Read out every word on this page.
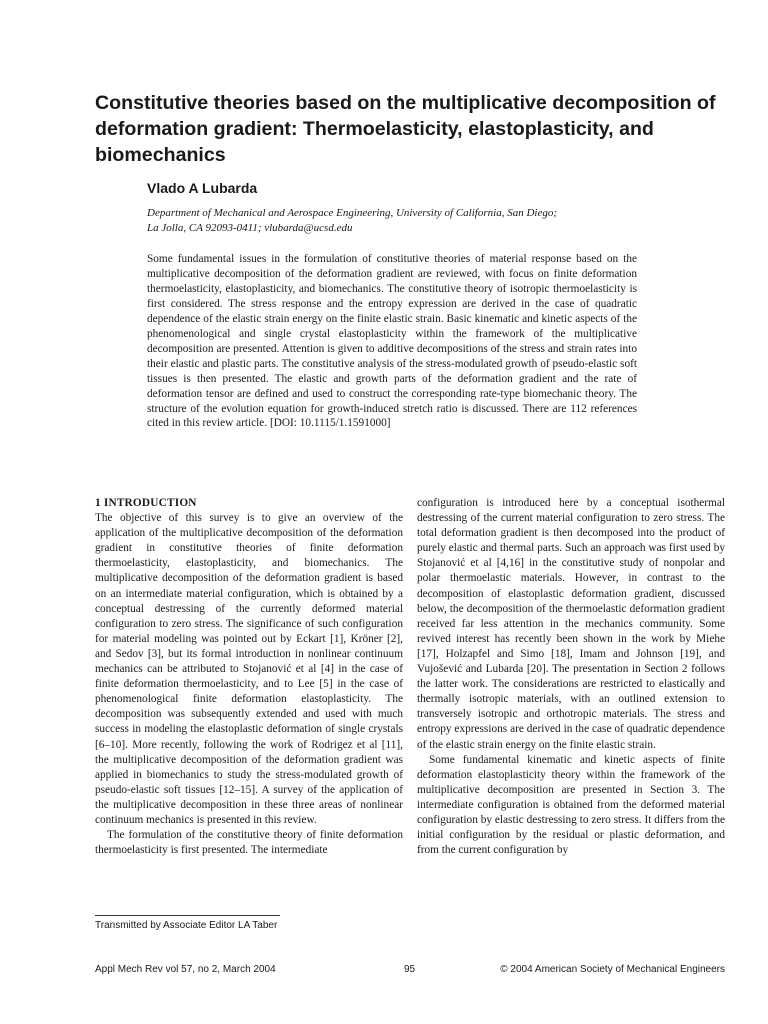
Constitutive theories based on the multiplicative decomposition of deformation gradient: Thermoelasticity, elastoplasticity, and biomechanics

Vlado A Lubarda

Department of Mechanical and Aerospace Engineering, University of California, San Diego;
La Jolla, CA 92093-0411; vlubarda@ucsd.edu

Some fundamental issues in the formulation of constitutive theories of material response based on the multiplicative decomposition of the deformation gradient are reviewed, with focus on finite deformation thermoelasticity, elastoplasticity, and biomechanics. The constitutive theory of isotropic thermoelasticity is first considered. The stress response and the entropy expression are derived in the case of quadratic dependence of the elastic strain energy on the finite elastic strain. Basic kinematic and kinetic aspects of the phenomenological and single crystal elastoplasticity within the framework of the multiplicative decomposition are presented. Attention is given to additive decompositions of the stress and strain rates into their elastic and plastic parts. The constitutive analysis of the stress-modulated growth of pseudo-elastic soft tissues is then presented. The elastic and growth parts of the deformation gradient and the rate of deformation tensor are defined and used to construct the corresponding rate-type biomechanic theory. The structure of the evolution equation for growth-induced stretch ratio is discussed. There are 112 references cited in this review article. [DOI: 10.1115/1.1591000]

1 INTRODUCTION

The objective of this survey is to give an overview of the application of the multiplicative decomposition of the deformation gradient in constitutive theories of finite deformation thermoelasticity, elastoplasticity, and biomechanics. The multiplicative decomposition of the deformation gradient is based on an intermediate material configuration, which is obtained by a conceptual destressing of the currently deformed material configuration to zero stress. The significance of such configuration for material modeling was pointed out by Eckart [1], Kröner [2], and Sedov [3], but its formal introduction in nonlinear continuum mechanics can be attributed to Stojanović et al [4] in the case of finite deformation thermoelasticity, and to Lee [5] in the case of phenomenological finite deformation elastoplasticity. The decomposition was subsequently extended and used with much success in modeling the elastoplastic deformation of single crystals [6–10]. More recently, following the work of Rodrigez et al [11], the multiplicative decomposition of the deformation gradient was applied in biomechanics to study the stress-modulated growth of pseudo-elastic soft tissues [12–15]. A survey of the application of the multiplicative decomposition in these three areas of nonlinear continuum mechanics is presented in this review.

The formulation of the constitutive theory of finite deformation thermoelasticity is first presented. The intermediate

configuration is introduced here by a conceptual isothermal destressing of the current material configuration to zero stress. The total deformation gradient is then decomposed into the product of purely elastic and thermal parts. Such an approach was first used by Stojanović et al [4,16] in the constitutive study of nonpolar and polar thermoelastic materials. However, in contrast to the decomposition of elastoplastic deformation gradient, discussed below, the decomposition of the thermoelastic deformation gradient received far less attention in the mechanics community. Some revived interest has recently been shown in the work by Miehe [17], Holzapfel and Simo [18], Imam and Johnson [19], and Vujošević and Lubarda [20]. The presentation in Section 2 follows the latter work. The considerations are restricted to elastically and thermally isotropic materials, with an outlined extension to transversely isotropic and orthotropic materials. The stress and entropy expressions are derived in the case of quadratic dependence of the elastic strain energy on the finite elastic strain.

Some fundamental kinematic and kinetic aspects of finite deformation elastoplasticity theory within the framework of the multiplicative decomposition are presented in Section 3. The intermediate configuration is obtained from the deformed material configuration by elastic destressing to zero stress. It differs from the initial configuration by the residual or plastic deformation, and from the current configuration by

Transmitted by Associate Editor LA Taber

Appl Mech Rev vol 57, no 2, March 2004	95	© 2004 American Society of Mechanical Engineers
